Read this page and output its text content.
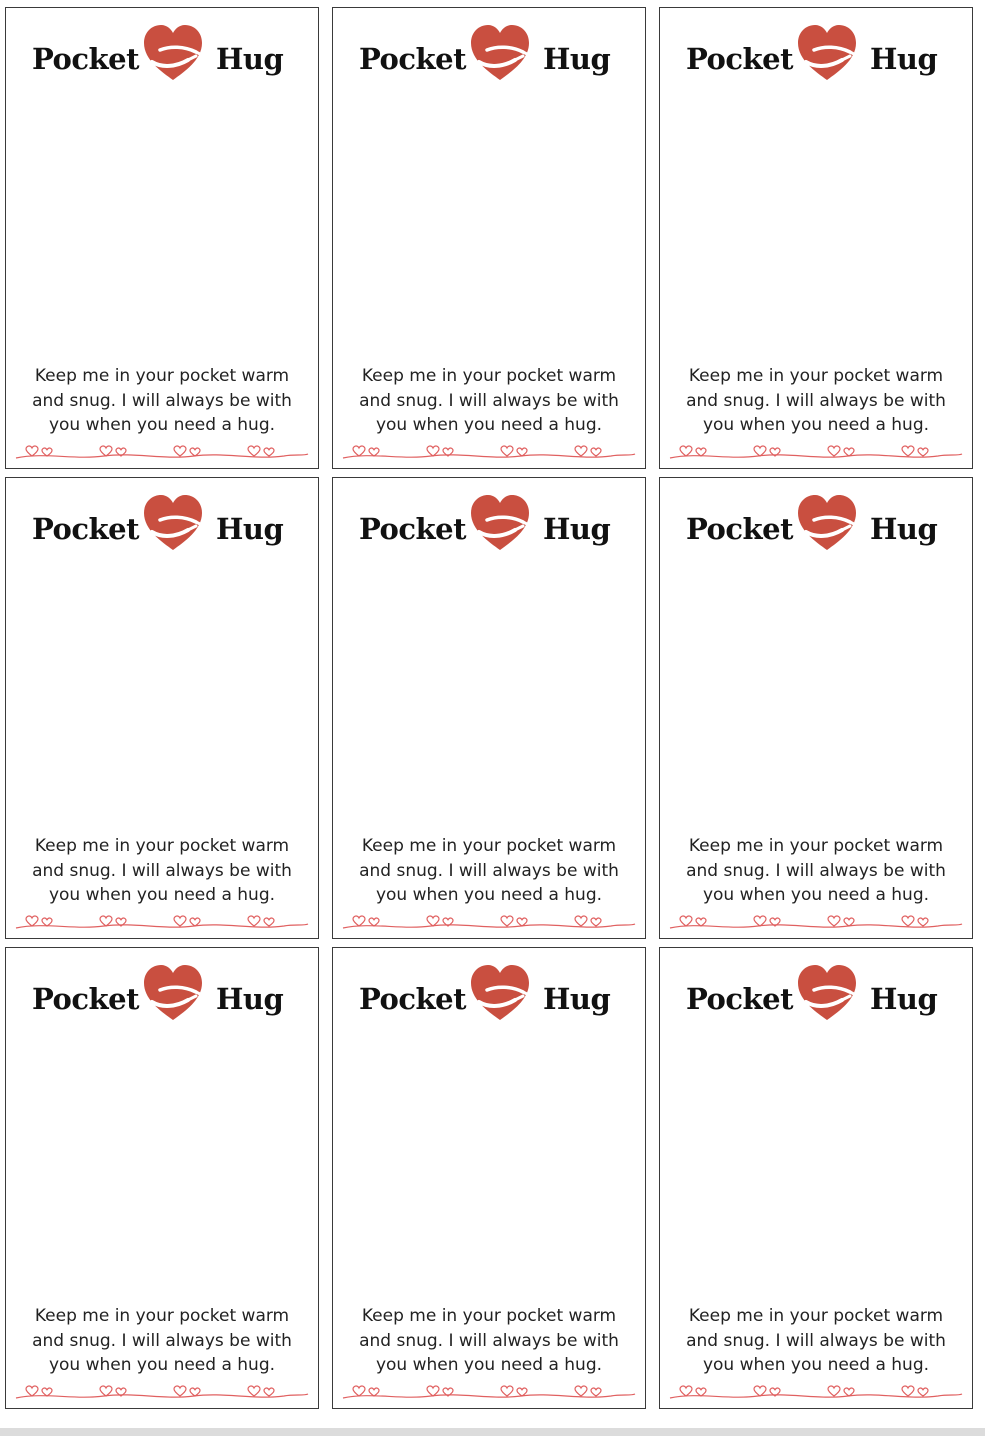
Pocket	Hug
Keep me in your pocket warm
and snug. I will always be with
you when you need a hug.
Pocket	Hug
Keep me in your pocket warm
and snug. I will always be with
you when you need a hug.
Pocket	Hug
Keep me in your pocket warm
and snug. I will always be with
you when you need a hug.
Pocket	Hug
Keep me in your pocket warm
and snug. I will always be with
you when you need a hug.
Pocket	Hug
Keep me in your pocket warm
and snug. I will always be with
you when you need a hug.
Pocket	Hug
Keep me in your pocket warm
and snug. I will always be with
you when you need a hug.
Pocket	Hug
Keep me in your pocket warm
and snug. I will always be with
you when you need a hug.
Pocket	Hug
Keep me in your pocket warm
and snug. I will always be with
you when you need a hug.
Pocket	Hug
Keep me in your pocket warm
and snug. I will always be with
you when you need a hug.
